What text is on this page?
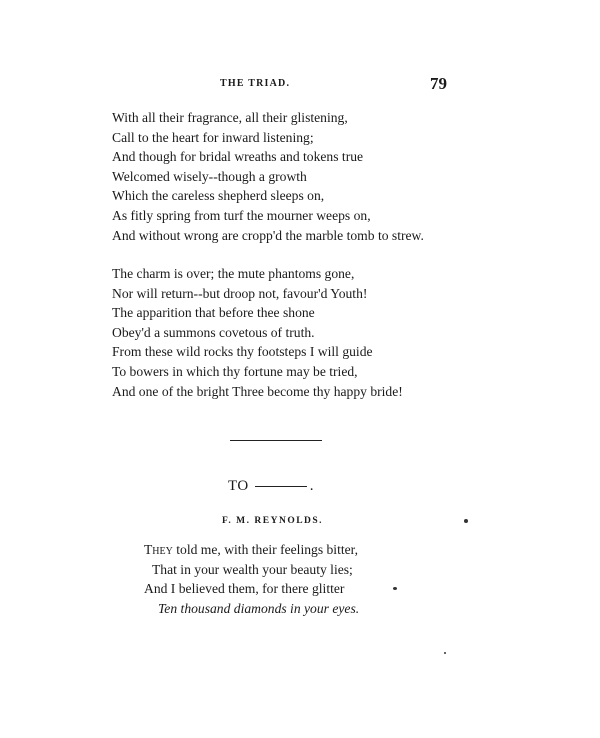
THE TRIAD.	79
With all their fragrance, all their glistening,
Call to the heart for inward listening;
And though for bridal wreaths and tokens true
Welcomed wisely--though a growth
Which the careless shepherd sleeps on,
As fitly spring from turf the mourner weeps on,
And without wrong are cropp'd the marble tomb to strew.
The charm is over; the mute phantoms gone,
Nor will return--but droop not, favour'd Youth!
The apparition that before thee shone
Obey'd a summons covetous of truth.
From these wild rocks thy footsteps I will guide
To bowers in which thy fortune may be tried,
And one of the bright Three become thy happy bride!
TO	.
F. M. REYNOLDS.
They told me, with their feelings bitter,
That in your wealth your beauty lies;
And I believed them, for there glitter
Ten thousand diamonds in your eyes.
